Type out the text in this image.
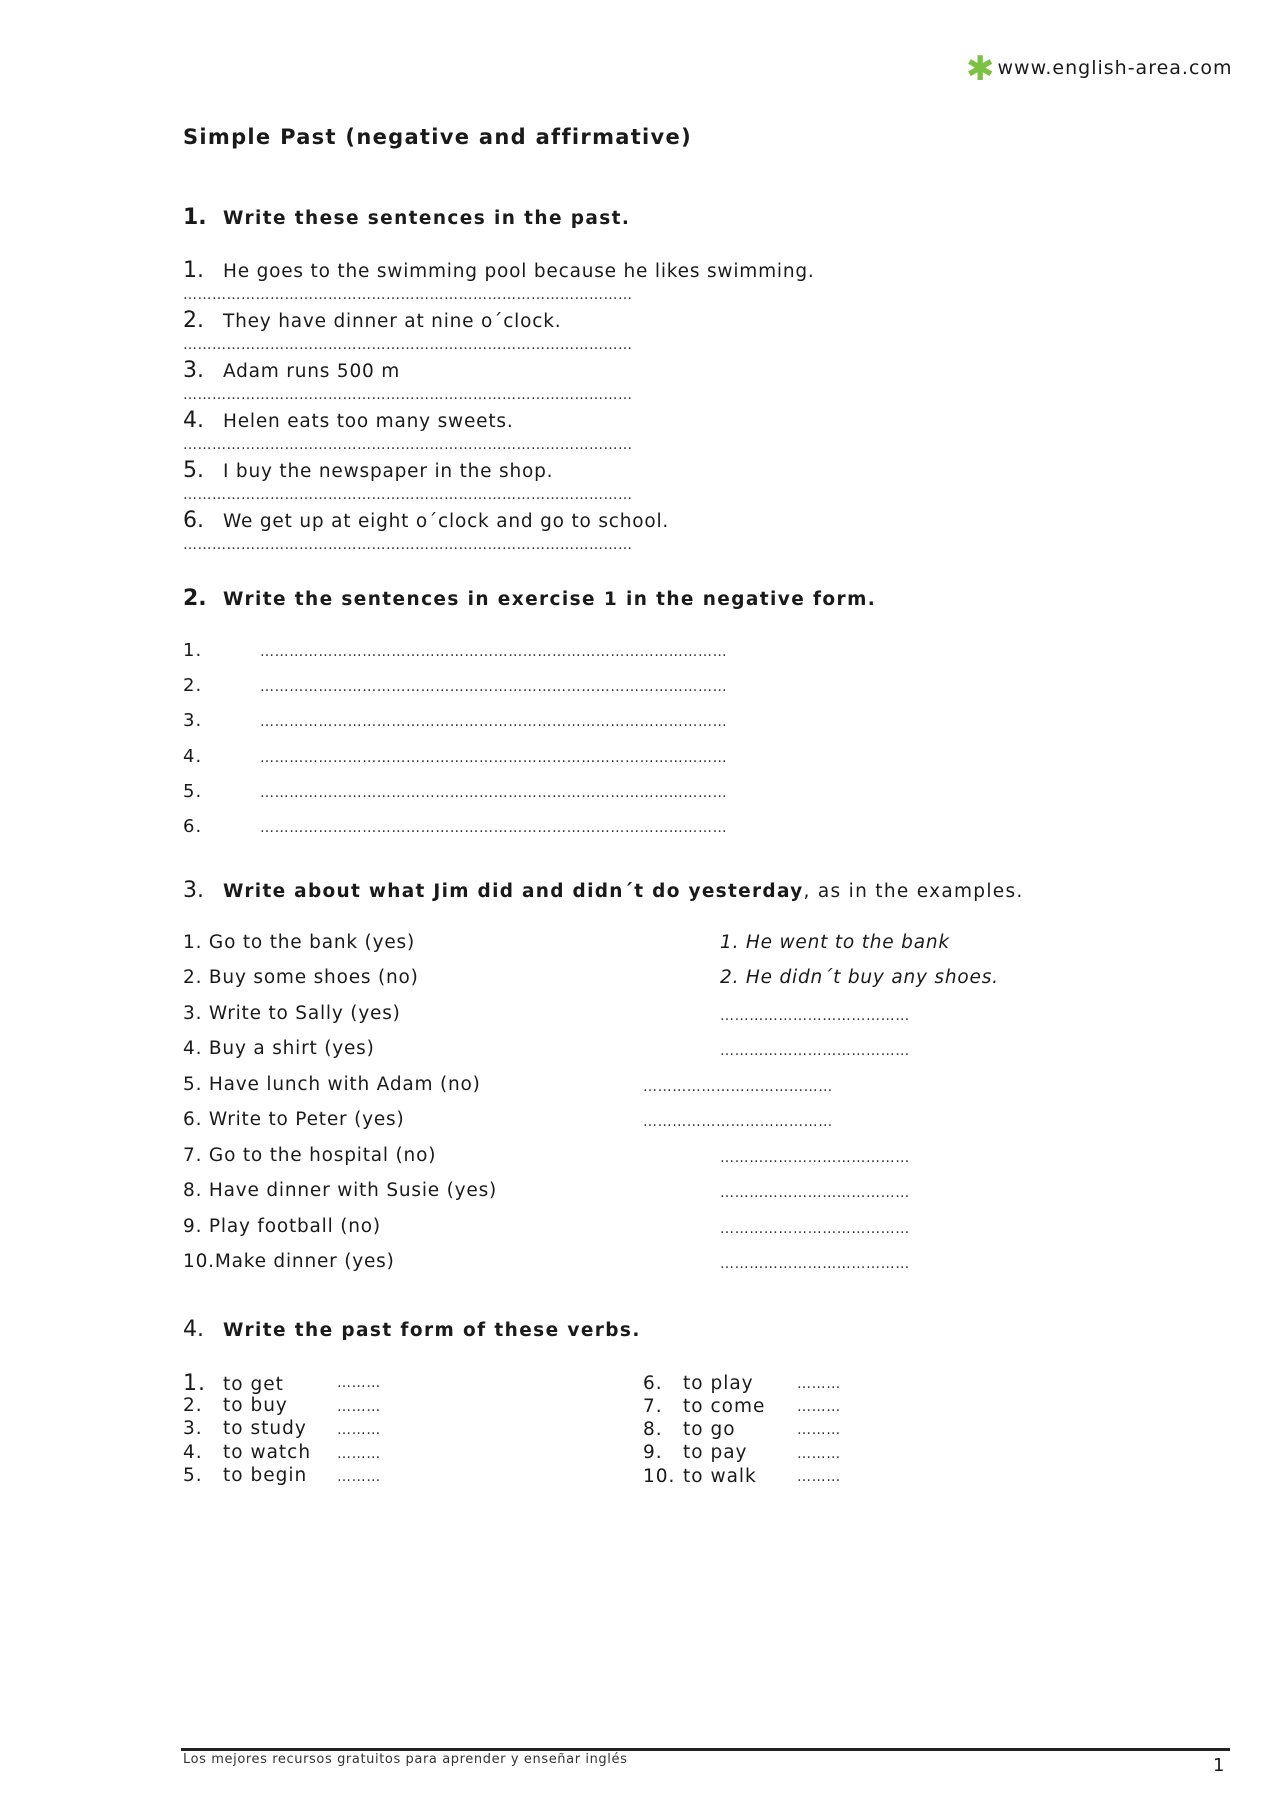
✱ www.english-area.com
Simple Past (negative and affirmative)
1. Write these sentences in the past.
1. He goes to the swimming pool because he likes swimming.
…………………………………………………………………………………
2. They have dinner at nine o´clock.
…………………………………………………………………………………
3. Adam runs 500 m
…………………………………………………………………………………
4. Helen eats too many sweets.
…………………………………………………………………………………
5. I buy the newspaper in the shop.
…………………………………………………………………………………
6. We get up at eight o´clock and go to school.
…………………………………………………………………………………
2. Write the sentences in exercise 1 in the negative form.
1.	……………………………………………………………………………………
2.	……………………………………………………………………………………
3.	……………………………………………………………………………………
4.	……………………………………………………………………………………
5.	……………………………………………………………………………………
6.	……………………………………………………………………………………
3. Write about what Jim did and didn´t do yesterday, as in the examples.
1. Go to the bank (yes)	1. He went to the bank
2. Buy some shoes (no)	2. He didn´t buy any shoes.
3. Write to Sally (yes)	…………………………………
4. Buy a shirt (yes)	…………………………………
5. Have lunch with Adam (no)	…………………………………
6. Write to Peter (yes)	…………………………………
7. Go to the hospital (no)	…………………………………
8. Have dinner with Susie (yes)	…………………………………
9. Play football (no)	…………………………………
10.Make dinner (yes)	…………………………………
4. Write the past form of these verbs.
1. to get	………
2. to buy	………
3. to study ………
4. to watch ………
5. to begin ………
6. to play	………
7. to come ………
8. to go	………
9. to pay	………
10. to walk	………
Los mejores recursos gratuitos para aprender y enseñar inglés	1
